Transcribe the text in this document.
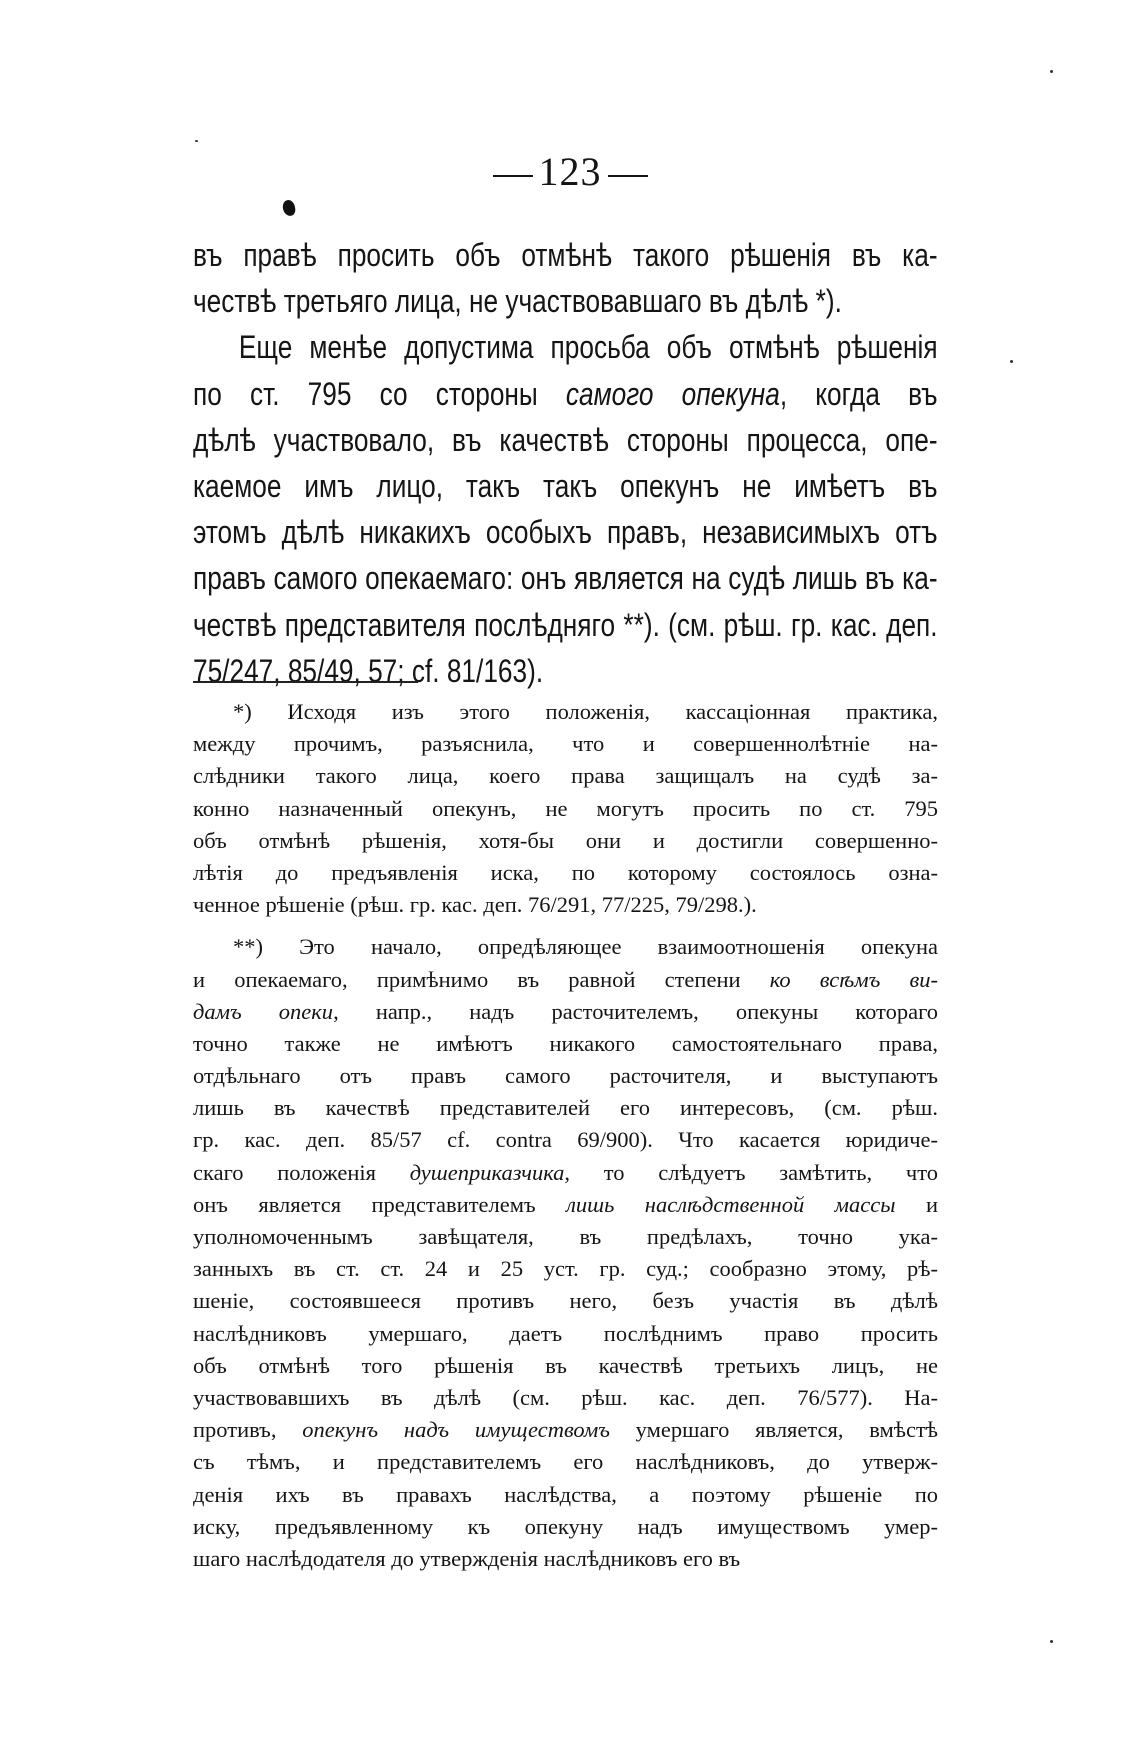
123
въ правѣ просить объ отмѣнѣ такого рѣшенія въ ка-
чествѣ третьяго лица, не участвовавшаго въ дѣлѣ *).
Еще менѣе допустима просьба объ отмѣнѣ рѣшенія
по ст. 795 со стороны самого опекуна, когда въ
дѣлѣ участвовало, въ качествѣ стороны процесса, опе-
каемое имъ лицо, такъ такъ опекунъ не имѣетъ въ
этомъ дѣлѣ никакихъ особыхъ правъ, независимыхъ отъ
правъ самого опекаемаго: онъ является на судѣ лишь въ ка-
чествѣ представителя послѣдняго **). (см. рѣш. гр. кас. деп.
75/247, 85/49, 57; cf. 81/163).
*) Исходя изъ этого положенія, кассаціонная практика,
между прочимъ, разъяснила, что и совершеннолѣтніе на-
слѣдники такого лица, коего права защищалъ на судѣ за-
конно назначенный опекунъ, не могутъ просить по ст. 795
объ отмѣнѣ рѣшенія, хотя-бы они и достигли совершенно-
лѣтія до предъявленія иска, по которому состоялось озна-
ченное рѣшеніе (рѣш. гр. кас. деп. 76/291, 77/225, 79/298.).
**) Это начало, опредѣляющее взаимоотношенія опекуна
и опекаемаго, примѣнимо въ равной степени ко всѣмъ ви-
дамъ опеки, напр., надъ расточителемъ, опекуны котораго
точно также не имѣютъ никакого самостоятельнаго права,
отдѣльнаго отъ правъ самого расточителя, и выступаютъ
лишь въ качествѣ представителей его интересовъ, (см. рѣш.
гр. кас. деп. 85/57 cf. contra 69/900). Что касается юридиче-
скаго положенія душеприказчика, то слѣдуетъ замѣтить, что
онъ является представителемъ лишь наслѣдственной массы и
уполномоченнымъ завѣщателя, въ предѣлахъ, точно ука-
занныхъ въ ст. ст. 24 и 25 уст. гр. суд.; сообразно этому, рѣ-
шеніе, состоявшееся противъ него, безъ участія въ дѣлѣ
наслѣдниковъ умершаго, даетъ послѣднимъ право просить
объ отмѣнѣ того рѣшенія въ качествѣ третьихъ лицъ, не
участвовавшихъ въ дѣлѣ (см. рѣш. кас. деп. 76/577). На-
противъ, опекунъ надъ имуществомъ умершаго является, вмѣстѣ
съ тѣмъ, и представителемъ его наслѣдниковъ, до утверж-
денія ихъ въ правахъ наслѣдства, а поэтому рѣшеніе по
иску, предъявленному къ опекуну надъ имуществомъ умер-
шаго наслѣдодателя до утвержденія наслѣдниковъ его въ
